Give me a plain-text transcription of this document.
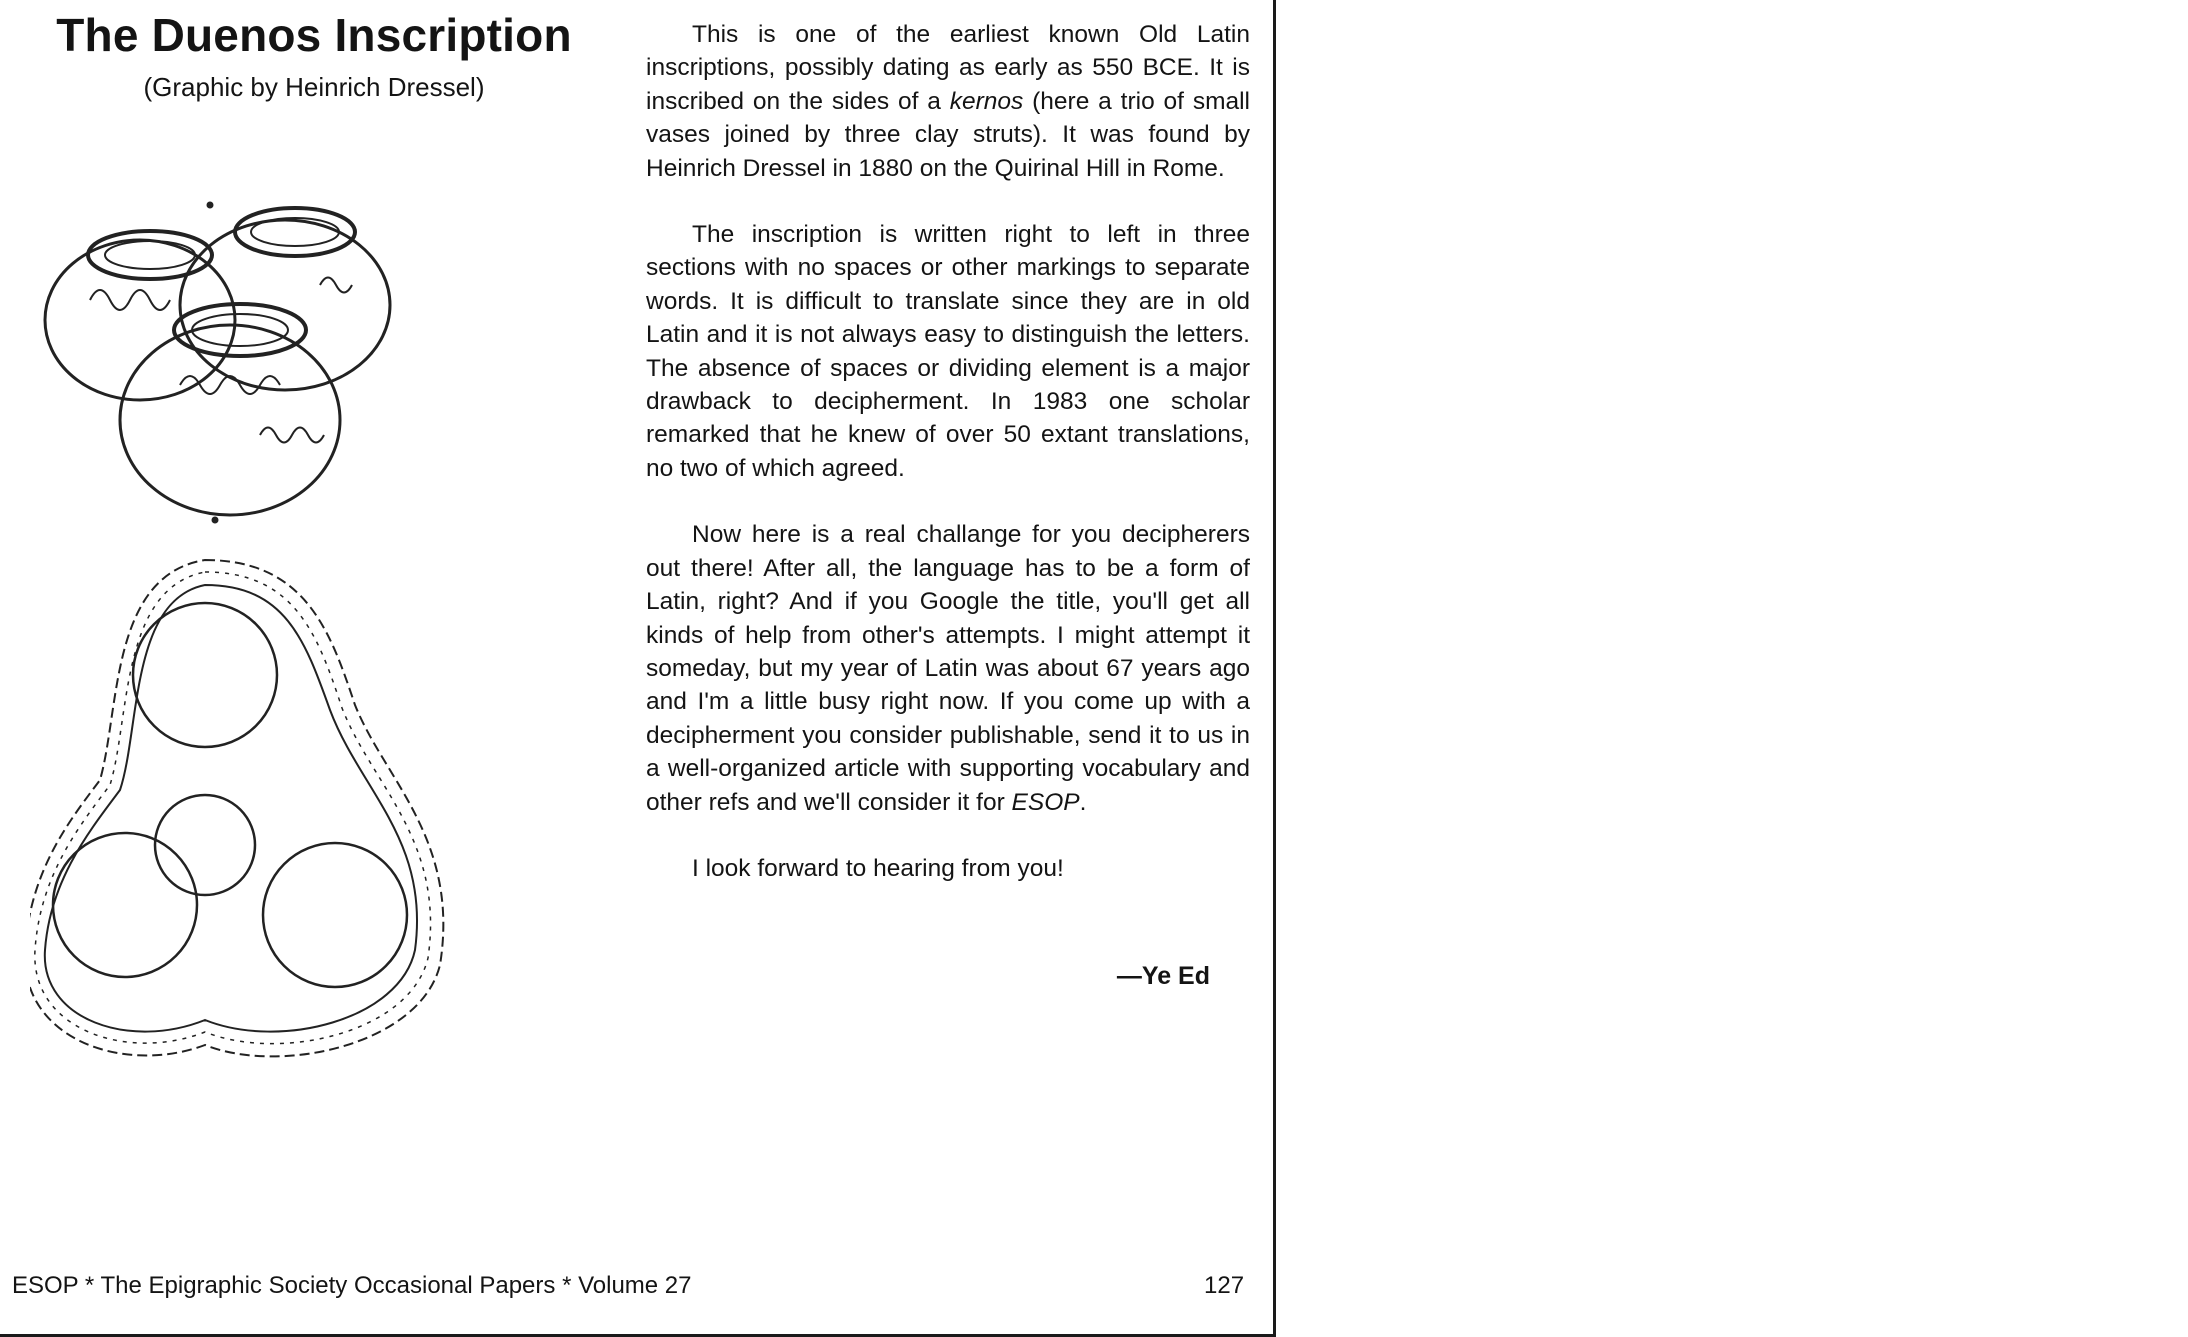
The Duenos Inscription
(Graphic by Heinrich Dressel)

This is one of the earliest known Old Latin inscriptions, possibly dating as early as 550 BCE. It is inscribed on the sides of a kernos (here a trio of small vases joined by three clay struts). It was found by Heinrich Dressel in 1880 on the Quirinal Hill in Rome.

The inscription is written right to left in three sections with no spaces or other markings to separate words. It is difficult to translate since they are in old Latin and it is not always easy to distinguish the letters. The absence of spaces or dividing element is a major drawback to decipherment. In 1983 one scholar remarked that he knew of over 50 extant translations, no two of which agreed.

Now here is a real challange for you decipherers out there! After all, the language has to be a form of Latin, right? And if you Google the title, you'll get all kinds of help from other's attempts. I might attempt it someday, but my year of Latin was about 67 years ago and I'm a little busy right now. If you come up with a decipherment you consider publishable, send it to us in a well-organized article with supporting vocabulary and other refs and we'll consider it for ESOP.

I look forward to hearing from you!

—Ye Ed
ESOP * The Epigraphic Society Occasional Papers * Volume 27	127
